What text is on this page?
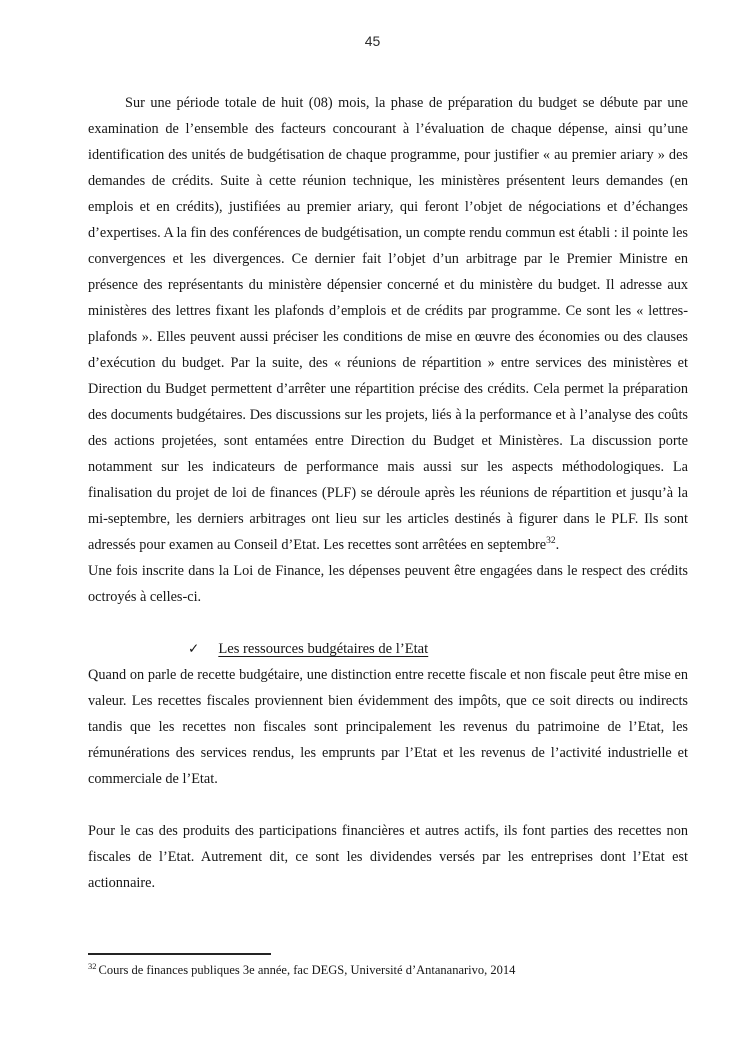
45

Sur une période totale de huit (08) mois, la phase de préparation du budget se débute par une examination de l’ensemble des facteurs concourant à l’évaluation de chaque dépense, ainsi qu’une identification des unités de budgétisation de chaque programme, pour justifier « au premier ariary » des demandes de crédits. Suite à cette réunion technique, les ministères présentent leurs demandes (en emplois et en crédits), justifiées au premier ariary, qui feront l’objet de négociations et d’échanges d’expertises. A la fin des conférences de budgétisation, un compte rendu commun est établi : il pointe les convergences et les divergences. Ce dernier fait l’objet d’un arbitrage par le Premier Ministre en présence des représentants du ministère dépensier concerné et du ministère du budget. Il adresse aux ministères des lettres fixant les plafonds d’emplois et de crédits par programme. Ce sont les « lettres-plafonds ». Elles peuvent aussi préciser les conditions de mise en œuvre des économies ou des clauses d’exécution du budget. Par la suite, des « réunions de répartition » entre services des ministères et Direction du Budget permettent d’arrêter une répartition précise des crédits. Cela permet la préparation des documents budgétaires. Des discussions sur les projets, liés à la performance et à l’analyse des coûts des actions projetées, sont entamées entre Direction du Budget et Ministères. La discussion porte notamment sur les indicateurs de performance mais aussi sur les aspects méthodologiques. La finalisation du projet de loi de finances (PLF) se déroule après les réunions de répartition et jusqu’à la mi-septembre, les derniers arbitrages ont lieu sur les articles destinés à figurer dans le PLF. Ils sont adressés pour examen au Conseil d’Etat. Les recettes sont arrêtées en septembre$^{32}$.

Une fois inscrite dans la Loi de Finance, les dépenses peuvent être engagées dans le respect des crédits octroyés à celles-ci.

✓ Les ressources budgétaires de l’Etat

Quand on parle de recette budgétaire, une distinction entre recette fiscale et non fiscale peut être mise en valeur. Les recettes fiscales proviennent bien évidemment des impôts, que ce soit directs ou indirects tandis que les recettes non fiscales sont principalement les revenus du patrimoine de l’Etat, les rémunérations des services rendus, les emprunts par l’Etat et les revenus de l’activité industrielle et commerciale de l’Etat.

Pour le cas des produits des participations financières et autres actifs, ils font parties des recettes non fiscales de l’Etat. Autrement dit, ce sont les dividendes versés par les entreprises dont l’Etat est actionnaire.

$^{32}$ Cours de finances publiques 3e année, fac DEGS, Université d’Antananarivo, 2014
